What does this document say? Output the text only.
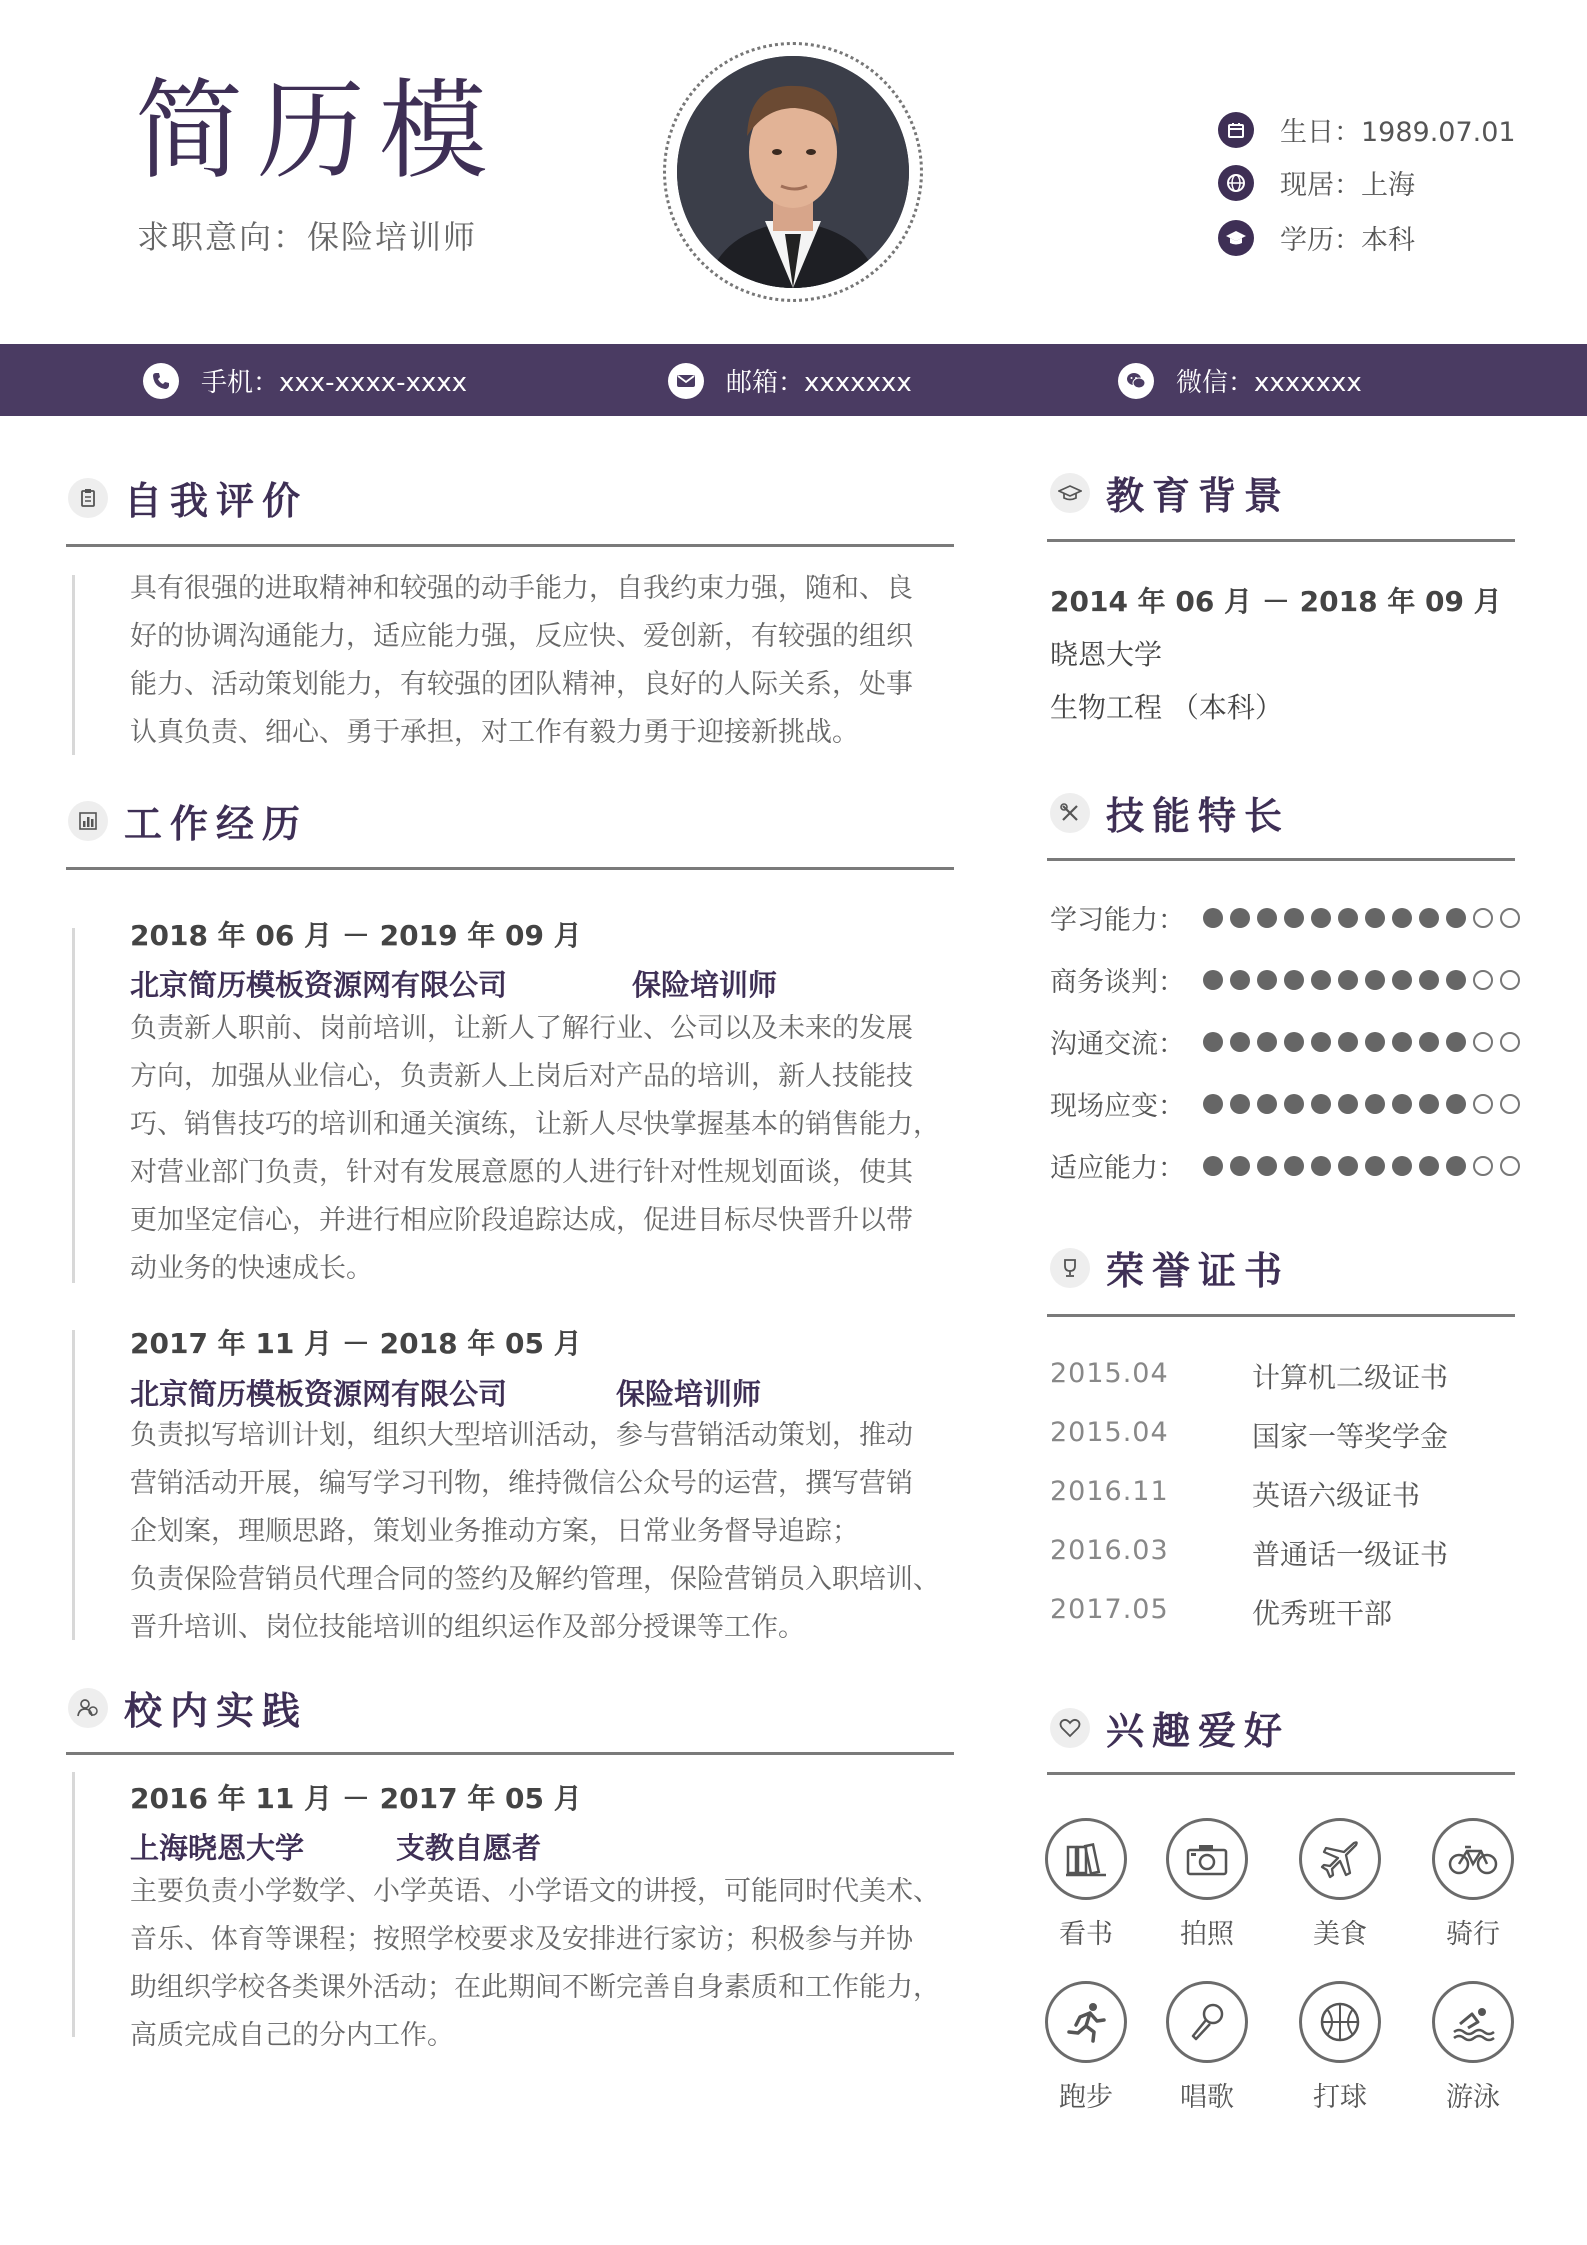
简历模
求职意向：保险培训师
生日：1989.07.01
现居：上海
学历：本科
手机：xxx-xxxx-xxxx	邮箱：xxxxxxx	微信：xxxxxxx
自我评价
具有很强的进取精神和较强的动手能力，自我约束力强，随和、良
好的协调沟通能力，适应能力强，反应快、爱创新，有较强的组织
能力、活动策划能力，有较强的团队精神，良好的人际关系，处事
认真负责、细心、勇于承担，对工作有毅力勇于迎接新挑战。
工作经历
2018 年 06 月 － 2019 年 09 月
北京简历模板资源网有限公司	保险培训师
负责新人职前、岗前培训，让新人了解行业、公司以及未来的发展
方向，加强从业信心，负责新人上岗后对产品的培训，新人技能技
巧、销售技巧的培训和通关演练，让新人尽快掌握基本的销售能力，
对营业部门负责，针对有发展意愿的人进行针对性规划面谈，使其
更加坚定信心，并进行相应阶段追踪达成，促进目标尽快晋升以带
动业务的快速成长。
2017 年 11 月 － 2018 年 05 月
北京简历模板资源网有限公司	保险培训师
负责拟写培训计划，组织大型培训活动，参与营销活动策划，推动
营销活动开展，编写学习刊物，维持微信公众号的运营，撰写营销
企划案，理顺思路，策划业务推动方案，日常业务督导追踪；
负责保险营销员代理合同的签约及解约管理，保险营销员入职培训、
晋升培训、岗位技能培训的组织运作及部分授课等工作。
校内实践
2016 年 11 月 － 2017 年 05 月
上海晓恩大学	支教自愿者
主要负责小学数学、小学英语、小学语文的讲授，可能同时代美术、
音乐、体育等课程；按照学校要求及安排进行家访；积极参与并协
助组织学校各类课外活动；在此期间不断完善自身素质和工作能力，
高质完成自己的分内工作。
教育背景
2014 年 06 月 － 2018 年 09 月
晓恩大学
生物工程 （本科）
技能特长
学习能力：
商务谈判：
沟通交流：
现场应变：
适应能力：
荣誉证书
2015.04	计算机二级证书
2015.04	国家一等奖学金
2016.11	英语六级证书
2016.03	普通话一级证书
2017.05	优秀班干部
兴趣爱好
看书	拍照	美食	骑行
跑步	唱歌	打球	游泳
